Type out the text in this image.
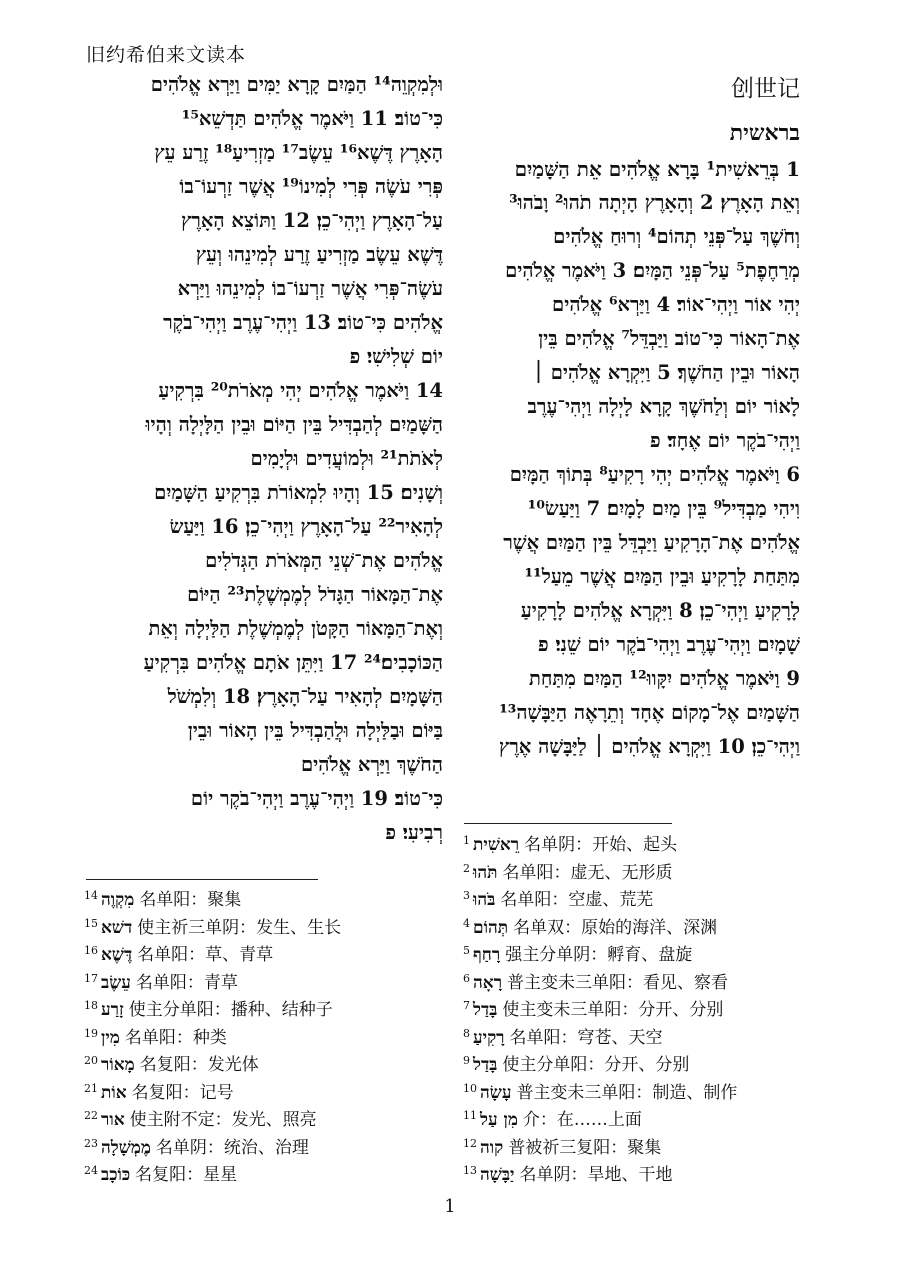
旧约希伯来文读本
创世记
בראשית
וּלְמִקְוֵה¹⁴ הַמַּיִם קָרָא יַמִּים וַיַּרְא אֱלֹהִים
כִּי־טוֹב׃ 11 וַיֹּאמֶר אֱלֹהִים תַּדְשֵׁא¹⁵
הָאָרֶץ דֶּשֶׁא¹⁶ עֵשֶׂב¹⁷ מַזְרִיעַ¹⁸ זֶרַע עֵץ
פְּרִי עֹשֶׂה פְּרִי לְמִינוֹ¹⁹ אֲשֶׁר זַרְעוֹ־בוֹ
עַל־הָאָרֶץ וַיְהִי־כֵן׃ 12 וַתּוֹצֵא הָאָרֶץ
דֶּשֶׁא עֵשֶׂב מַזְרִיעַ זֶרַע לְמִינֵהוּ וְעֵץ
עֹשֶׂה־פְּרִי אֲשֶׁר זַרְעוֹ־בוֹ לְמִינֵהוּ וַיַּרְא
אֱלֹהִים כִּי־טוֹב׃ 13 וַיְהִי־עֶרֶב וַיְהִי־בֹקֶר
יוֹם שְׁלִישִׁי׃ פ
14 וַיֹּאמֶר אֱלֹהִים יְהִי מְאֹרֹת²⁰ בִּרְקִיעַ
הַשָּׁמַיִם לְהַבְדִּיל בֵּין הַיּוֹם וּבֵין הַלָּיְלָה וְהָיוּ
לְאֹתֹת²¹ וּלְמוֹעֲדִים וּלְיָמִים
וְשָׁנִים׃ 15 וְהָיוּ לִמְאוֹרֹת בִּרְקִיעַ הַשָּׁמַיִם
לְהָאִיר²² עַל־הָאָרֶץ וַיְהִי־כֵן׃ 16 וַיַּעַשׂ
אֱלֹהִים אֶת־שְׁנֵי הַמְּאֹרֹת הַגְּדֹלִים
אֶת־הַמָּאוֹר הַגָּדֹל לְמֶמְשֶׁלֶת²³ הַיּוֹם
וְאֶת־הַמָּאוֹר הַקָּטֹן לְמֶמְשֶׁלֶת הַלַּיְלָה וְאֵת
הַכּוֹכָבִים׃²⁴ 17 וַיִּתֵּן אֹתָם אֱלֹהִים בִּרְקִיעַ
הַשָּׁמָיִם לְהָאִיר עַל־הָאָרֶץ׃ 18 וְלִמְשֹׁל
בַּיּוֹם וּבַלַּיְלָה וּלֲהַבְדִּיל בֵּין הָאוֹר וּבֵין
הַחֹשֶׁךְ וַיַּרְא אֱלֹהִים
כִּי־טוֹב׃ 19 וַיְהִי־עֶרֶב וַיְהִי־בֹקֶר יוֹם
רְבִיעִי׃ פ
1 בְּרֵאשִׁית¹ בָּרָא אֱלֹהִים אֵת הַשָּׁמַיִם
וְאֵת הָאָרֶץ׃ 2 וְהָאָרֶץ הָיְתָה תֹהוּ² וָבֹהוּ³
וְחֹשֶׁךְ עַל־פְּנֵי תְהוֹם⁴ וְרוּחַ אֱלֹהִים
מְרַחֶפֶת⁵ עַל־פְּנֵי הַמָּיִם׃ 3 וַיֹּאמֶר אֱלֹהִים
יְהִי אוֹר וַיְהִי־אוֹר׃ 4 וַיַּרְא⁶ אֱלֹהִים
אֶת־הָאוֹר כִּי־טוֹב וַיַּבְדֵּל⁷ אֱלֹהִים בֵּין
הָאוֹר וּבֵין הַחֹשֶׁךְ׃ 5 וַיִּקְרָא אֱלֹהִים ׀
לָאוֹר יוֹם וְלַחֹשֶׁךְ קָרָא לָיְלָה וַיְהִי־עֶרֶב
וַיְהִי־בֹקֶר יוֹם אֶחָד׃ פ
6 וַיֹּאמֶר אֱלֹהִים יְהִי רָקִיעַ⁸ בְּתוֹךְ הַמָּיִם
וִיהִי מַבְדִּיל⁹ בֵּין מַיִם לָמָיִם׃ 7 וַיַּעַשׂ¹⁰
אֱלֹהִים אֶת־הָרָקִיעַ וַיַּבְדֵּל בֵּין הַמַּיִם אֲשֶׁר
מִתַּחַת לָרָקִיעַ וּבֵין הַמַּיִם אֲשֶׁר מֵעַל¹¹
לָרָקִיעַ וַיְהִי־כֵן׃ 8 וַיִּקְרָא אֱלֹהִים לָרָקִיעַ
שָׁמָיִם וַיְהִי־עֶרֶב וַיְהִי־בֹקֶר יוֹם שֵׁנִי׃ פ
9 וַיֹּאמֶר אֱלֹהִים יִקָּווּ¹² הַמַּיִם מִתַּחַת
הַשָּׁמַיִם אֶל־מָקוֹם אֶחָד וְתֵרָאֶה הַיַּבָּשָׁה¹³
וַיְהִי־כֵן׃ 10 וַיִּקְרָא אֱלֹהִים ׀ לַיַּבָּשָׁה אֶרֶץ
$^{14}$ מִקְוֶה 名单阳：聚集
$^{15}$ דשׁא 使主祈三单阴：发生、生长
$^{16}$ דֶּשֶׁא 名单阳：草、青草
$^{17}$ עֵשֶׂב 名单阳：青草
$^{18}$ זָרַע 使主分单阳：播种、结种子
$^{19}$ מִין 名单阳：种类
$^{20}$ מָאוֹר 名复阳：发光体
$^{21}$ אוֹת 名复阳：记号
$^{22}$ אור 使主附不定：发光、照亮
$^{23}$ מֶמְשָׁלָה 名单阴：统治、治理
$^{24}$ כּוֹכָב 名复阳：星星
$^1$ רֵאשִׁית 名单阴：开始、起头
$^2$ תֹּהוּ 名单阳：虚无、无形质
$^3$ בֹּהוּ 名单阳：空虚、荒芜
$^4$ תְּהוֹם 名单双：原始的海洋、深渊
$^5$ רָחַף 强主分单阴：孵育、盘旋
$^6$ רָאָה 普主变未三单阳：看见、察看
$^7$ בָּדַל 使主变未三单阳：分开、分别
$^8$ רָקִיעַ 名单阳：穹苍、天空
$^9$ בָּדַל 使主分单阳：分开、分别
$^{10}$ עָשָׂה 普主变未三单阳：制造、制作
$^{11}$ מִן עַל 介：在……上面
$^{12}$ קוה 普被祈三复阳：聚集
$^{13}$ יַבָּשָׁה 名单阴：旱地、干地
1
